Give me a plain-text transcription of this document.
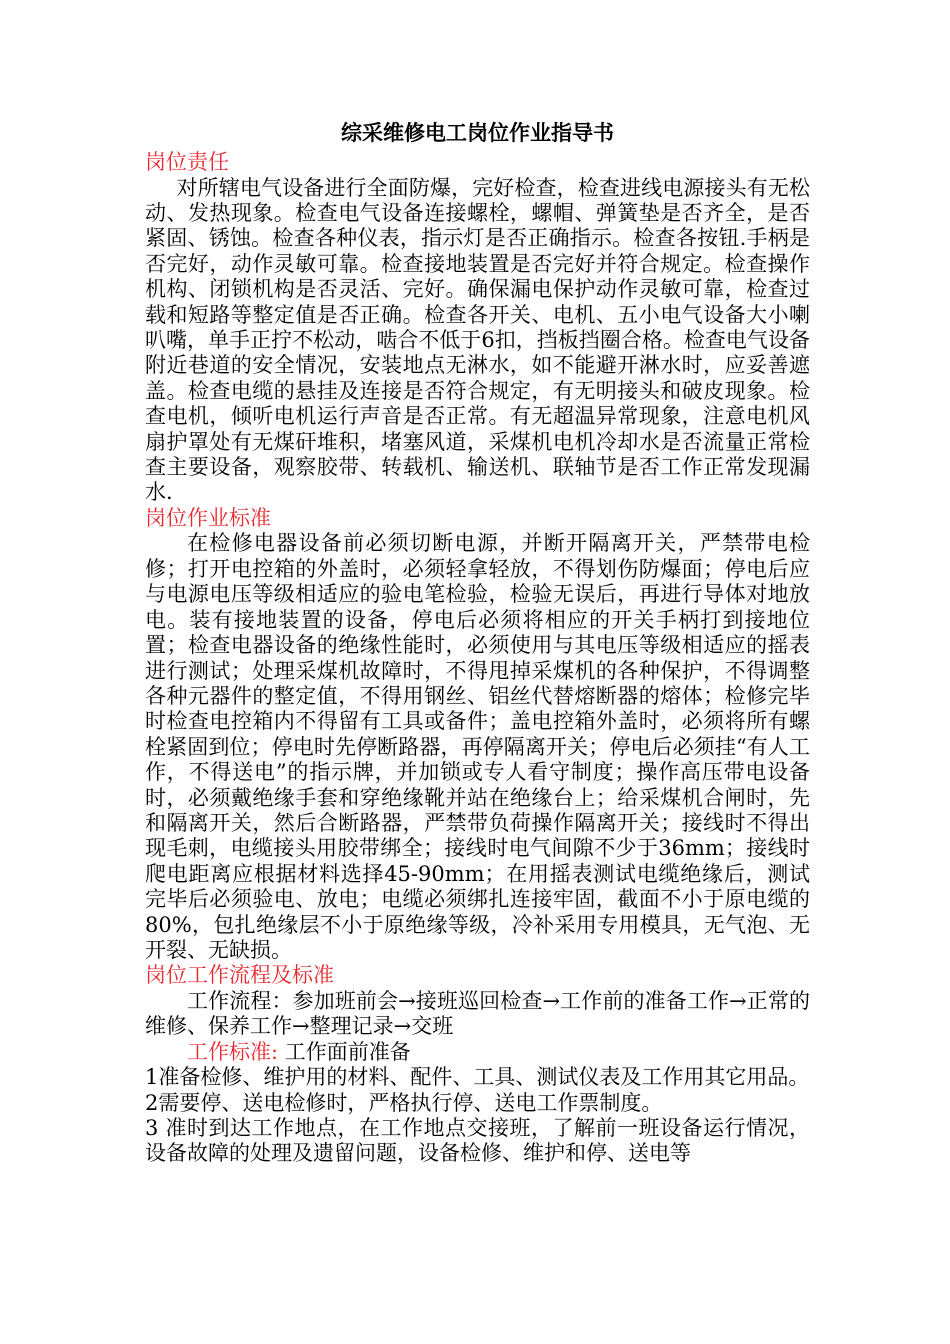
综采维修电工岗位作业指导书
岗位责任

对所辖电气设备进行全面防爆，完好检查，检查进线电源接头有无松动、发热现象。检查电气设备连接螺栓，螺帽、弹簧垫是否齐全，是否紧固、锈蚀。检查各种仪表，指示灯是否正确指示。检查各按钮.手柄是否完好，动作灵敏可靠。检查接地装置是否完好并符合规定。检查操作机构、闭锁机构是否灵活、完好。确保漏电保护动作灵敏可靠，检查过载和短路等整定值是否正确。检查各开关、电机、五小电气设备大小喇叭嘴，单手正拧不松动，啮合不低于6扣，挡板挡圈合格。检查电气设备附近巷道的安全情况，安装地点无淋水，如不能避开淋水时，应妥善遮盖。检查电缆的悬挂及连接是否符合规定，有无明接头和破皮现象。检查电机，倾听电机运行声音是否正常。有无超温异常现象，注意电机风扇护罩处有无煤矸堆积，堵塞风道，采煤机电机冷却水是否流量正常检查主要设备，观察胶带、转载机、输送机、联轴节是否工作正常发现漏水.

岗位作业标准

在检修电器设备前必须切断电源，并断开隔离开关，严禁带电检修；打开电控箱的外盖时，必须轻拿轻放，不得划伤防爆面；停电后应与电源电压等级相适应的验电笔检验，检验无误后，再进行导体对地放电。装有接地装置的设备，停电后必须将相应的开关手柄打到接地位置；检查电器设备的绝缘性能时，必须使用与其电压等级相适应的摇表进行测试；处理采煤机故障时，不得甩掉采煤机的各种保护，不得调整各种元器件的整定值，不得用钢丝、铝丝代替熔断器的熔体；检修完毕时检查电控箱内不得留有工具或备件；盖电控箱外盖时，必须将所有螺栓紧固到位；停电时先停断路器，再停隔离开关；停电后必须挂“有人工作，不得送电”的指示牌，并加锁或专人看守制度；操作高压带电设备时，必须戴绝缘手套和穿绝缘靴并站在绝缘台上；给采煤机合闸时，先和隔离开关，然后合断路器，严禁带负荷操作隔离开关；接线时不得出现毛刺，电缆接头用胶带绑全；接线时电气间隙不少于36mm；接线时爬电距离应根据材料选择45-90mm；在用摇表测试电缆绝缘后，测试完毕后必须验电、放电；电缆必须绑扎连接牢固，截面不小于原电缆的80%，包扎绝缘层不小于原绝缘等级，冷补采用专用模具，无气泡、无开裂、无缺损。

岗位工作流程及标准

工作流程：参加班前会→接班巡回检查→工作前的准备工作→正常的维修、保养工作→整理记录→交班

工作标准: 工作面前准备

1准备检修、维护用的材料、配件、工具、测试仪表及工作用其它用品。

2需要停、送电检修时，严格执行停、送电工作票制度。

3 准时到达工作地点，在工作地点交接班，了解前一班设备运行情况，设备故障的处理及遗留问题，设备检修、维护和停、送电等
